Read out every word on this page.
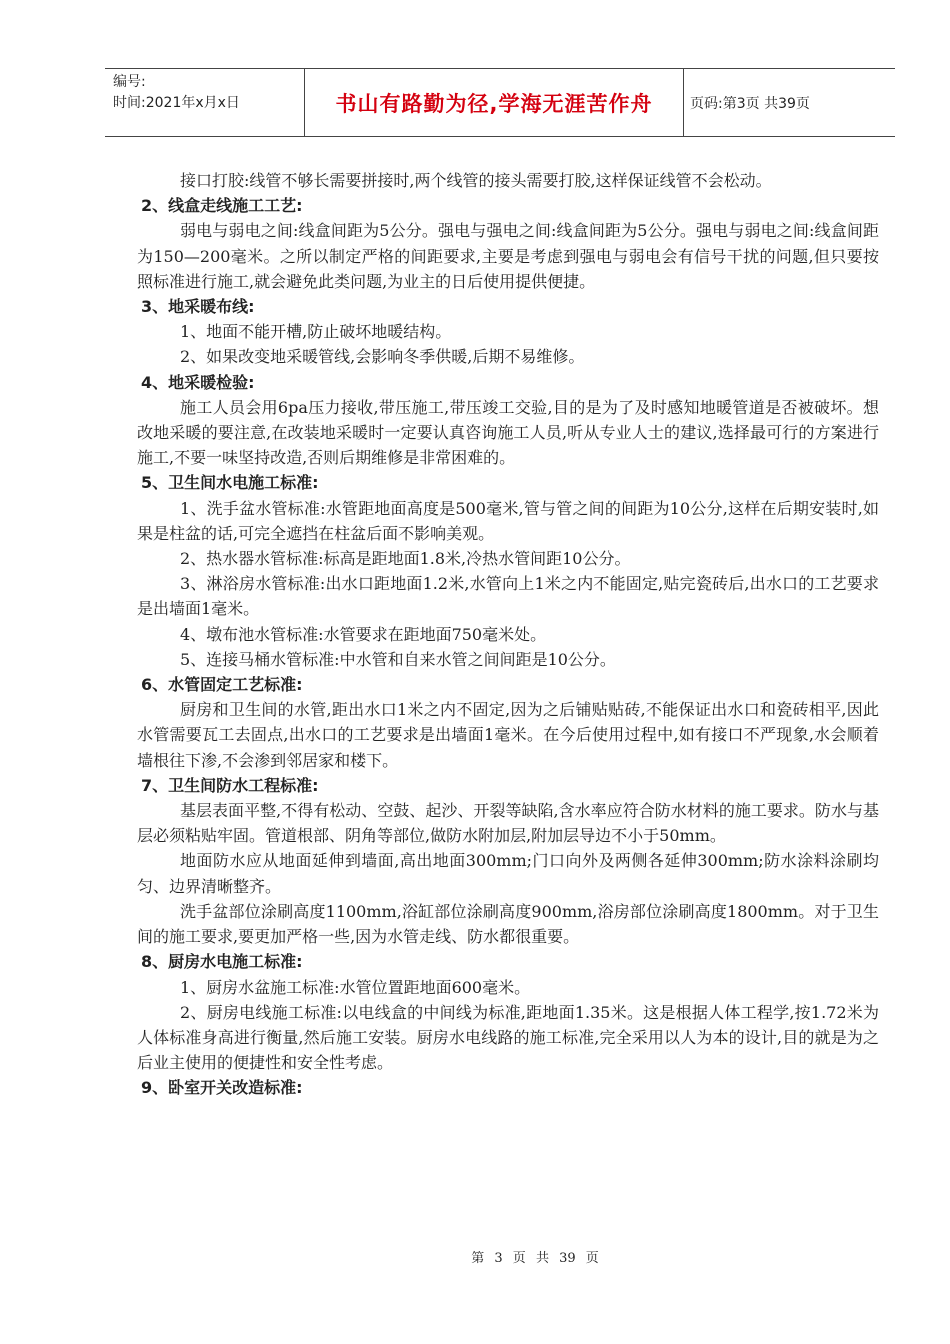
编号:
时间:2021年x月x日	书山有路勤为径,学海无涯苦作舟	页码:第3页 共39页

接口打胶:线管不够长需要拼接时,两个线管的接头需要打胶,这样保证线管不会松动。

2、线盒走线施工工艺:

弱电与弱电之间:线盒间距为5公分。强电与强电之间:线盒间距为5公分。强电与弱电之间:线盒间距为150—200毫米。之所以制定严格的间距要求,主要是考虑到强电与弱电会有信号干扰的问题,但只要按照标准进行施工,就会避免此类问题,为业主的日后使用提供便捷。

3、地采暖布线:

1、地面不能开槽,防止破坏地暖结构。

2、如果改变地采暖管线,会影响冬季供暖,后期不易维修。

4、地采暖检验:

施工人员会用6pa压力接收,带压施工,带压竣工交验,目的是为了及时感知地暖管道是否被破坏。想改地采暖的要注意,在改装地采暖时一定要认真咨询施工人员,听从专业人士的建议,选择最可行的方案进行施工,不要一味坚持改造,否则后期维修是非常困难的。

5、卫生间水电施工标准:

1、洗手盆水管标准:水管距地面高度是500毫米,管与管之间的间距为10公分,这样在后期安装时,如果是柱盆的话,可完全遮挡在柱盆后面不影响美观。

2、热水器水管标准:标高是距地面1.8米,冷热水管间距10公分。

3、淋浴房水管标准:出水口距地面1.2米,水管向上1米之内不能固定,贴完瓷砖后,出水口的工艺要求是出墙面1毫米。

4、墩布池水管标准:水管要求在距地面750毫米处。

5、连接马桶水管标准:中水管和自来水管之间间距是10公分。

6、水管固定工艺标准:

厨房和卫生间的水管,距出水口1米之内不固定,因为之后铺贴贴砖,不能保证出水口和瓷砖相平,因此水管需要瓦工去固点,出水口的工艺要求是出墙面1毫米。在今后使用过程中,如有接口不严现象,水会顺着墙根往下渗,不会渗到邻居家和楼下。

7、卫生间防水工程标准:

基层表面平整,不得有松动、空鼓、起沙、开裂等缺陷,含水率应符合防水材料的施工要求。防水与基层必须粘贴牢固。管道根部、阴角等部位,做防水附加层,附加层导边不小于50mm。

地面防水应从地面延伸到墙面,高出地面300mm;门口向外及两侧各延伸300mm;防水涂料涂刷均匀、边界清晰整齐。

洗手盆部位涂刷高度1100mm,浴缸部位涂刷高度900mm,浴房部位涂刷高度1800mm。对于卫生间的施工要求,要更加严格一些,因为水管走线、防水都很重要。

8、厨房水电施工标准:

1、厨房水盆施工标准:水管位置距地面600毫米。

2、厨房电线施工标准:以电线盒的中间线为标准,距地面1.35米。这是根据人体工程学,按1.72米为人体标准身高进行衡量,然后施工安装。厨房水电线路的施工标准,完全采用以人为本的设计,目的就是为之后业主使用的便捷性和安全性考虑。

9、卧室开关改造标准:

第 3 页 共 39 页
